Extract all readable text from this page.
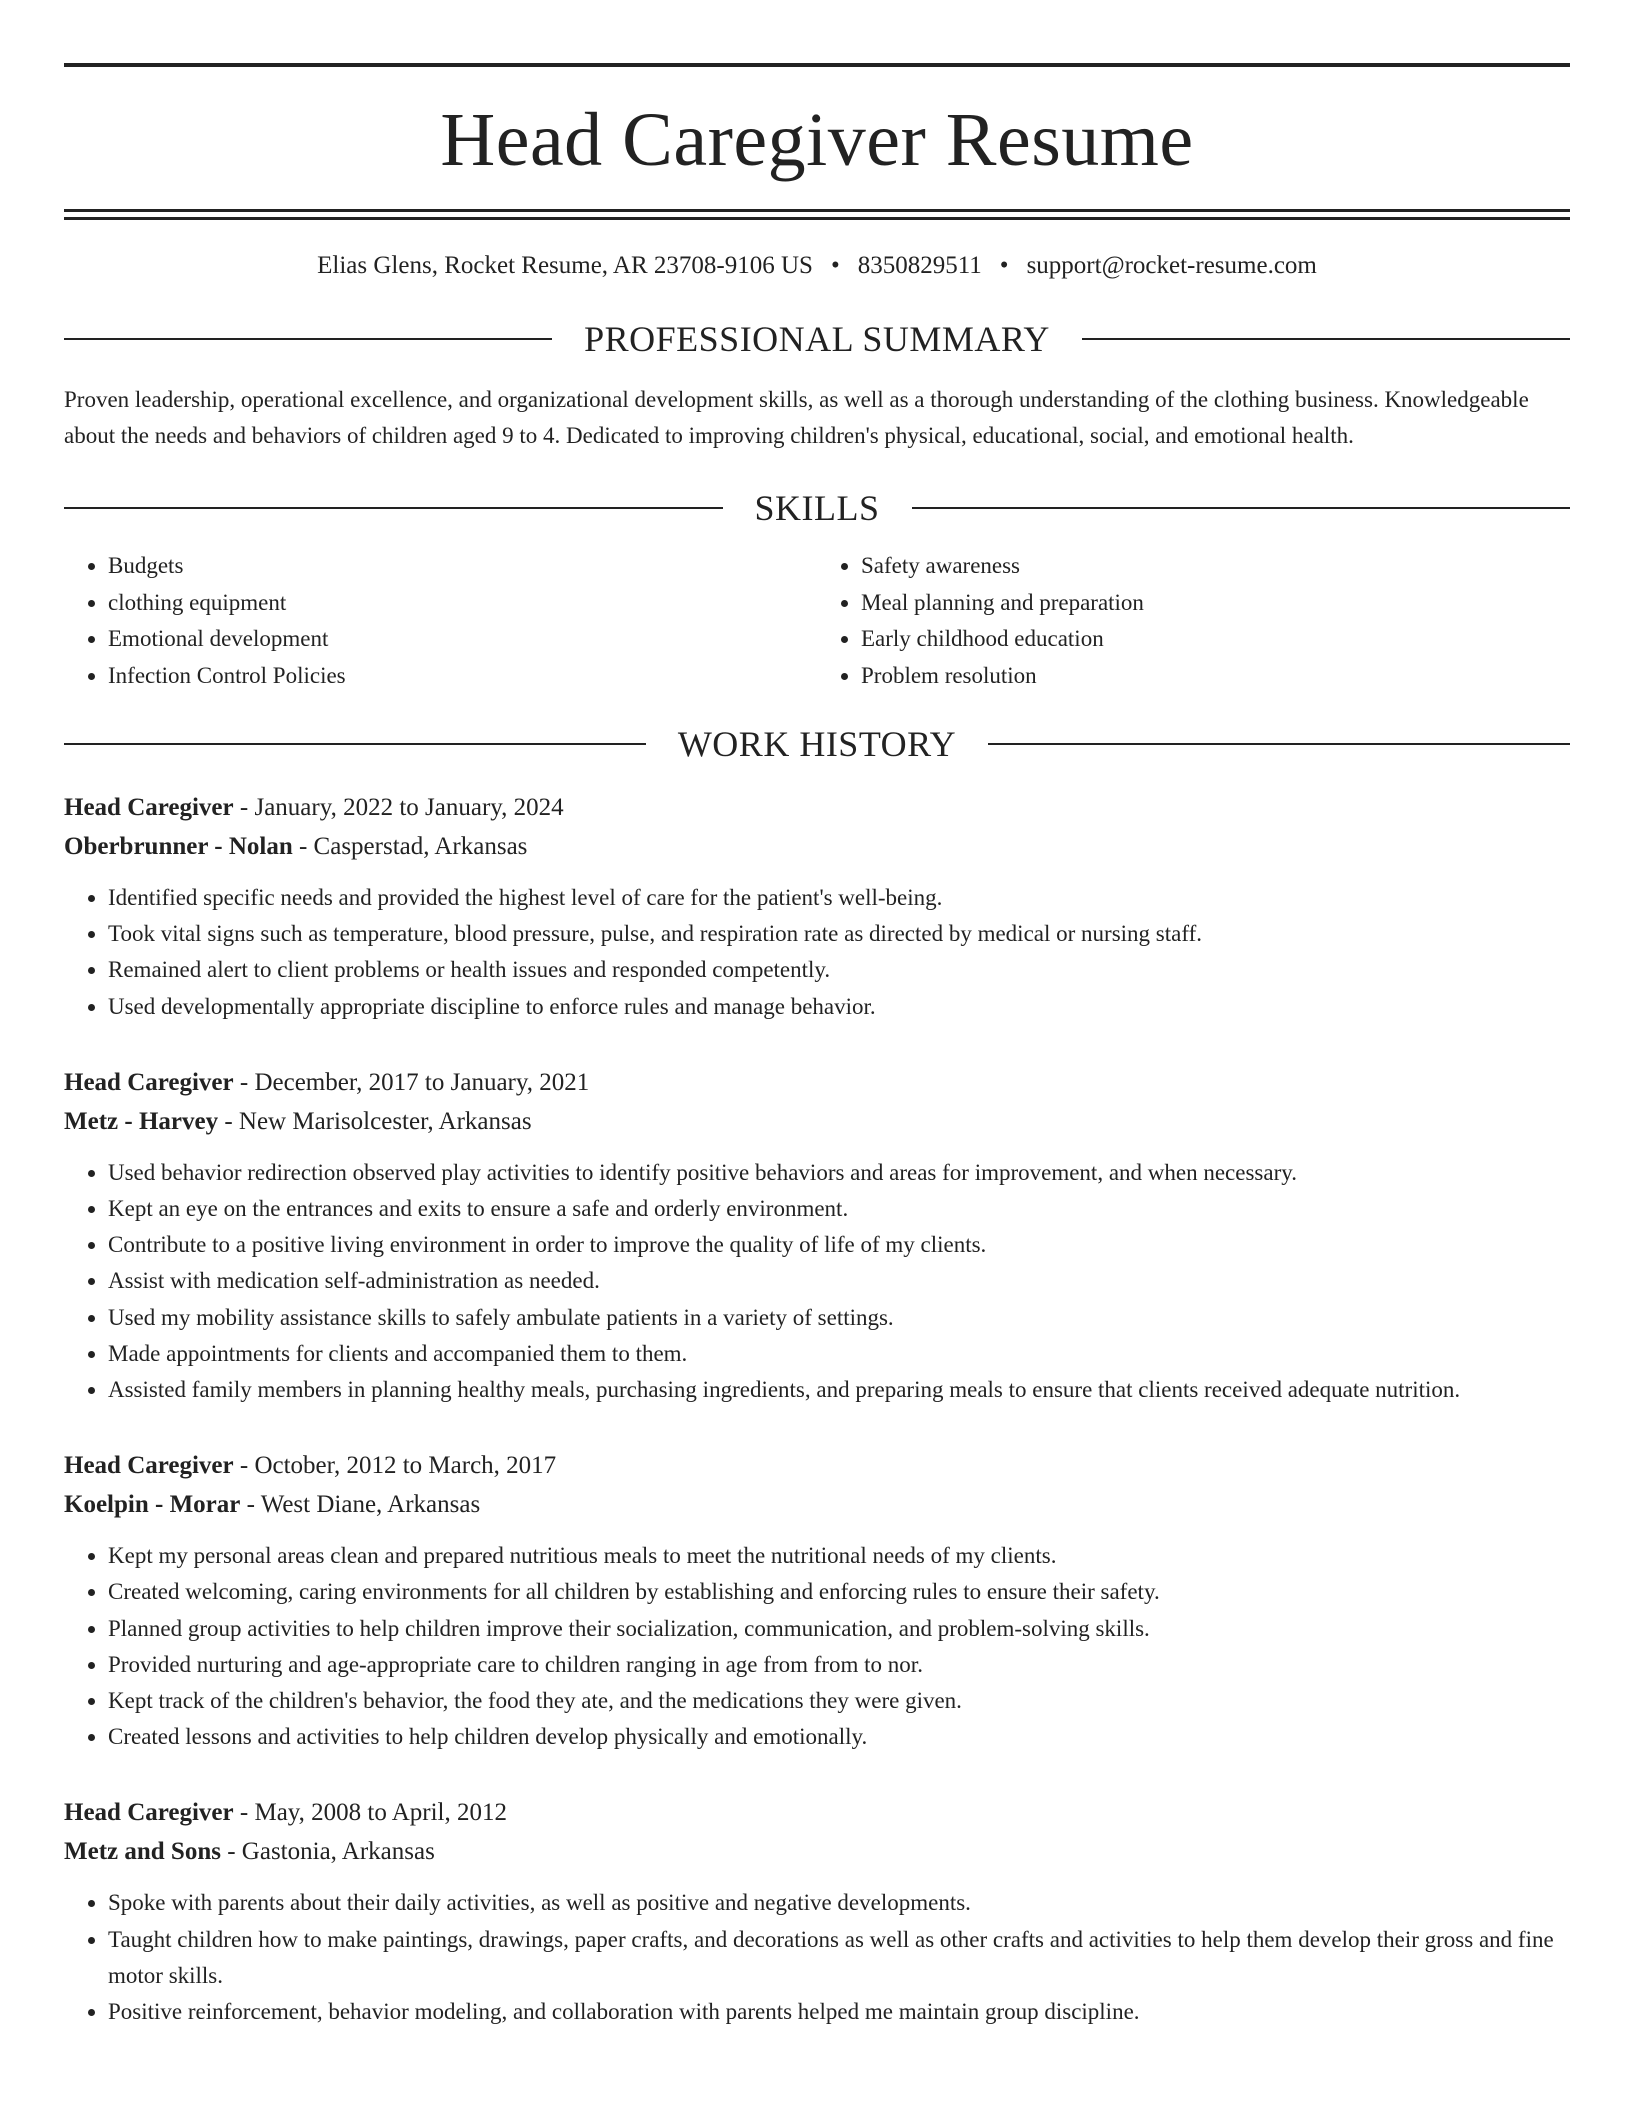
Head Caregiver Resume
Elias Glens, Rocket Resume, AR 23708-9106 US • 8350829511 • support@rocket-resume.com
PROFESSIONAL SUMMARY
Proven leadership, operational excellence, and organizational development skills, as well as a thorough understanding of the clothing business. Knowledgeable about the needs and behaviors of children aged 9 to 4. Dedicated to improving children's physical, educational, social, and emotional health.
SKILLS
• Budgets
• clothing equipment
• Emotional development
• Infection Control Policies
• Safety awareness
• Meal planning and preparation
• Early childhood education
• Problem resolution
WORK HISTORY
Head Caregiver - January, 2022 to January, 2024
Oberbrunner - Nolan - Casperstad, Arkansas
• Identified specific needs and provided the highest level of care for the patient's well-being.
• Took vital signs such as temperature, blood pressure, pulse, and respiration rate as directed by medical or nursing staff.
• Remained alert to client problems or health issues and responded competently.
• Used developmentally appropriate discipline to enforce rules and manage behavior.
Head Caregiver - December, 2017 to January, 2021
Metz - Harvey - New Marisolcester, Arkansas
• Used behavior redirection observed play activities to identify positive behaviors and areas for improvement, and when necessary.
• Kept an eye on the entrances and exits to ensure a safe and orderly environment.
• Contribute to a positive living environment in order to improve the quality of life of my clients.
• Assist with medication self-administration as needed.
• Used my mobility assistance skills to safely ambulate patients in a variety of settings.
• Made appointments for clients and accompanied them to them.
• Assisted family members in planning healthy meals, purchasing ingredients, and preparing meals to ensure that clients received adequate nutrition.
Head Caregiver - October, 2012 to March, 2017
Koelpin - Morar - West Diane, Arkansas
• Kept my personal areas clean and prepared nutritious meals to meet the nutritional needs of my clients.
• Created welcoming, caring environments for all children by establishing and enforcing rules to ensure their safety.
• Planned group activities to help children improve their socialization, communication, and problem-solving skills.
• Provided nurturing and age-appropriate care to children ranging in age from from to nor.
• Kept track of the children's behavior, the food they ate, and the medications they were given.
• Created lessons and activities to help children develop physically and emotionally.
Head Caregiver - May, 2008 to April, 2012
Metz and Sons - Gastonia, Arkansas
• Spoke with parents about their daily activities, as well as positive and negative developments.
• Taught children how to make paintings, drawings, paper crafts, and decorations as well as other crafts and activities to help them develop their gross and fine motor skills.
• Positive reinforcement, behavior modeling, and collaboration with parents helped me maintain group discipline.
